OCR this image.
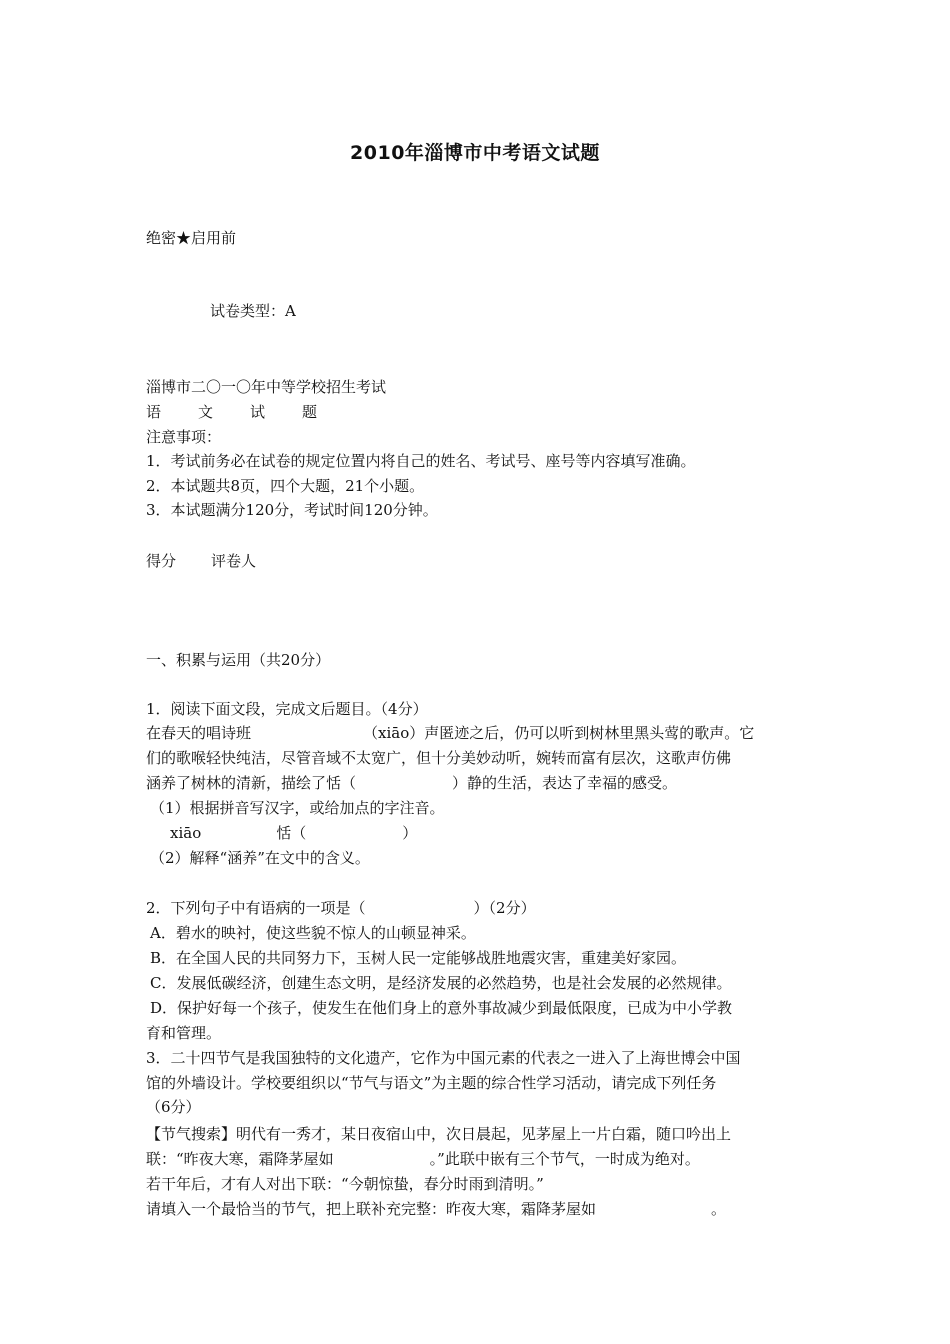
2010年淄博市中考语文试题
绝密★启用前
试卷类型：A
淄博市二〇一〇年中等学校招生考试
语 文 试 题
注意事项：
1．考试前务必在试卷的规定位置内将自己的姓名、考试号、座号等内容填写准确。
2．本试题共8页，四个大题，21个小题。
3．本试题满分120分，考试时间120分钟。
得分 评卷人
一、积累与运用（共20分）
1．阅读下面文段，完成文后题目。（4分）
在春天的唱诗班	（xiāo）声匿迹之后，仍可以听到树林里黑头莺的歌声。它
们的歌喉轻快纯洁，尽管音域不太宽广，但十分美妙动听，婉转而富有层次，这歌声仿佛
涵养了树林的清新，描绘了恬（	）静的生活，表达了幸福的感受。
（1）根据拼音写汉字，或给加点的字注音。
xiāo	恬（	）
（2）解释“涵养”在文中的含义。
2．下列句子中有语病的一项是（	）（2分）
A．碧水的映衬，使这些貌不惊人的山顿显神采。
B．在全国人民的共同努力下，玉树人民一定能够战胜地震灾害，重建美好家园。
C．发展低碳经济，创建生态文明，是经济发展的必然趋势，也是社会发展的必然规律。
D．保护好每一个孩子，使发生在他们身上的意外事故减少到最低限度，已成为中小学教
育和管理。
3．二十四节气是我国独特的文化遗产，它作为中国元素的代表之一进入了上海世博会中国
馆的外墙设计。学校要组织以“节气与语文”为主题的综合性学习活动，请完成下列任务
（6分）
【节气搜索】明代有一秀才，某日夜宿山中，次日晨起，见茅屋上一片白霜，随口吟出上
联：“昨夜大寒，霜降茅屋如	。”此联中嵌有三个节气，一时成为绝对。
若干年后，才有人对出下联：“今朝惊蛰，春分时雨到清明。”
请填入一个最恰当的节气，把上联补充完整：昨夜大寒，霜降茅屋如	。
